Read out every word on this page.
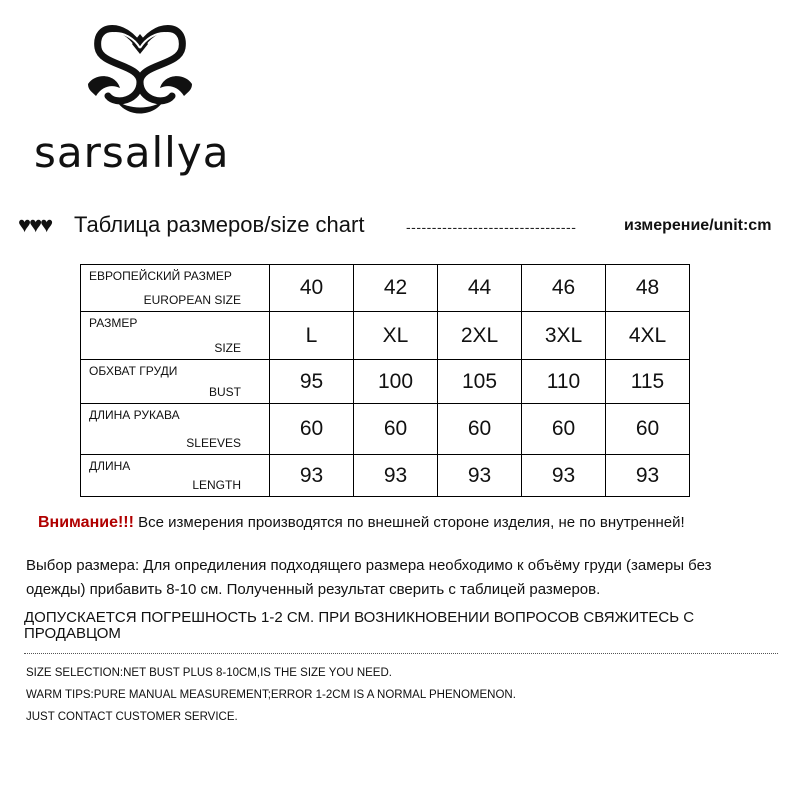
sarsallya
♥♥♥ Таблица размеров/size chart	---------------------------------	измерение/unit:cm
ЕВРОПЕЙСКИЙ РАЗМЕР
EUROPEAN SIZE	40	42	44	46	48

РАЗМЕР
SIZE	L	XL	2XL	3XL	4XL

ОБХВАТ ГРУДИ
BUST	95	100	105	110	115

ДЛИНА РУКАВА
SLEEVES	60	60	60	60	60

ДЛИНА
LENGTH	93	93	93	93	93
Внимание!!! Все измерения производятся по внешней стороне изделия, не по внутренней!
Выбор размера: Для опредиления подходящего размера необходимо к объёму груди (замеры без одежды) прибавить 8-10 см. Полученный результат сверить с таблицей размеров.
ДОПУСКАЕТСЯ ПОГРЕШНОСТЬ 1-2 СМ. ПРИ ВОЗНИКНОВЕНИИ ВОПРОСОВ СВЯЖИТЕСЬ С ПРОДАВЦОМ
SIZE SELECTION:NET BUST PLUS 8-10CM,IS THE SIZE YOU NEED.
WARM TIPS:PURE MANUAL MEASUREMENT;ERROR 1-2CM IS A NORMAL PHENOMENON.
JUST CONTACT CUSTOMER SERVICE.
